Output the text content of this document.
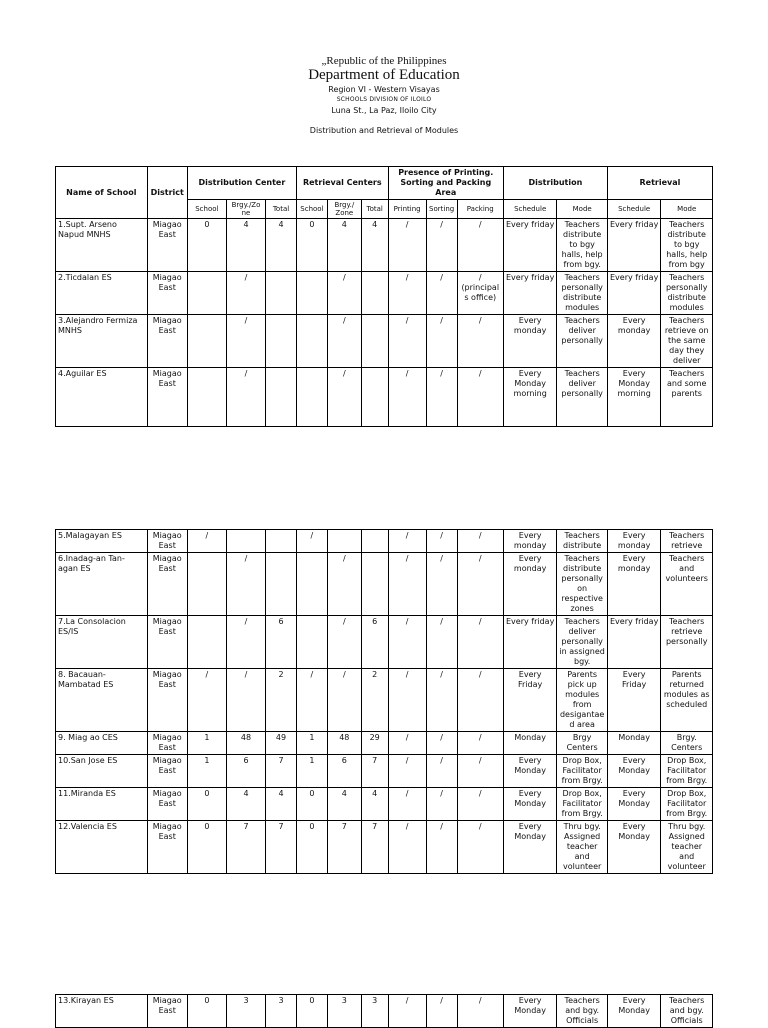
„Republic of the Philippines
Department of Education
Region VI - Western Visayas
SCHOOLS DIVISION OF ILOILO
Luna St., La Paz, Iloilo City
Distribution and Retrieval of Modules
Name of School	District	Distribution Center			Retrieval Centers			Presence of Printing. Sorting and Packing Area			Distribution		Retrieval	
		School	Brgy./Zo ne	Total	School	Brgy./ Zone	Total	Printing	Sorting	Packing	Schedule	Mode	Schedule	Mode
1.Supt. Arseno Napud MNHS	Miagao East	0	4	4	0	4	4	/	/	/	Every friday	Teachers distribute to bgy halls, help from bgy.	Every friday	Teachers distribute to bgy halls, help from bgy
2.Ticdalan ES	Miagao East		/			/		/	/	/ (principals office)	Every friday	Teachers personally distribute modules	Every friday	Teachers personally distribute modules
3.Alejandro Fermiza MNHS	Miagao East		/			/		/	/	/	Every monday	Teachers deliver personally	Every monday	Teachers retrieve on the same day they deliver
4.Aguilar ES	Miagao East		/			/		/	/	/	Every Monday morning	Teachers deliver personally	Every Monday morning	Teachers and some parents
5.Malagayan ES	Miagao East	/			/			/	/	/	Every monday	Teachers distribute	Every monday	Teachers retrieve
6.Inadag-an Tan-agan ES	Miagao East		/			/		/	/	/	Every monday	Teachers distribute personally on respective zones	Every monday	Teachers and volunteers
7.La Consolacion ES/IS	Miagao East		/	6		/	6	/	/	/	Every friday	Teachers deliver personally in assigned bgy.	Every friday	Teachers retrieve personally
8. Bacauan-Mambatad ES	Miagao East	/	/	2	/	/	2	/	/	/	Every Friday	Parents pick up modules from desigantae d area	Every Friday	Parents returned modules as scheduled
9. Miag ao CES	Miagao East	1	48	49	1	48	29	/	/	/	Monday	Brgy Centers	Monday	Brgy. Centers
10.San Jose ES	Miagao East	1	6	7	1	6	7	/	/	/	Every Monday	Drop Box, Facilitator from Brgy.	Every Monday	Drop Box, Facilitator from Brgy.
11.Miranda ES	Miagao East	0	4	4	0	4	4	/	/	/	Every Monday	Drop Box, Facilitator from Brgy.	Every Monday	Drop Box, Facilitator from Brgy.
12.Valencia ES	Miagao East	0	7	7	0	7	7	/	/	/	Every Monday	Thru bgy. Assigned teacher and volunteer	Every Monday	Thru bgy. Assigned teacher and volunteer
13.Kirayan ES	Miagao East	0	3	3	0	3	3	/	/	/	Every Monday	Teachers and bgy. Officials	Every Monday	Teachers and bgy. Officials
